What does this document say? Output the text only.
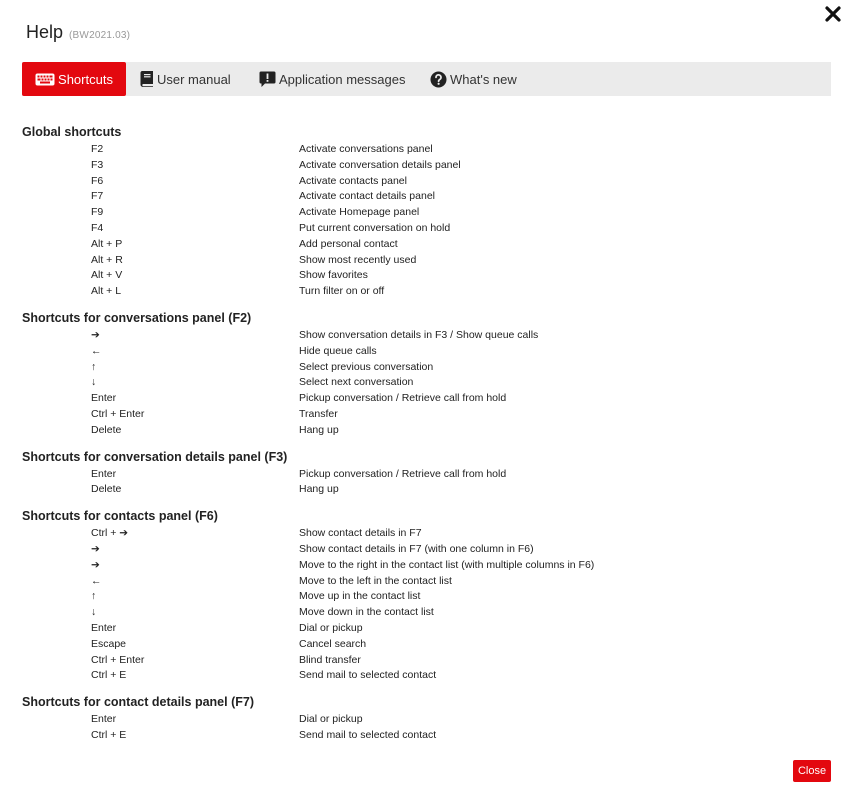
Help (BW2021.03)
Shortcuts	User manual	Application messages	What's new
Global shortcuts
F2	Activate conversations panel
F3	Activate conversation details panel
F6	Activate contacts panel
F7	Activate contact details panel
F9	Activate Homepage panel
F4	Put current conversation on hold
Alt + P	Add personal contact
Alt + R	Show most recently used
Alt + V	Show favorites
Alt + L	Turn filter on or off
Shortcuts for conversations panel (F2)
➔	Show conversation details in F3 / Show queue calls
←	Hide queue calls
↑	Select previous conversation
↓	Select next conversation
Enter	Pickup conversation / Retrieve call from hold
Ctrl + Enter	Transfer
Delete	Hang up
Shortcuts for conversation details panel (F3)
Enter	Pickup conversation / Retrieve call from hold
Delete	Hang up
Shortcuts for contacts panel (F6)
Ctrl + ➔	Show contact details in F7
➔	Show contact details in F7 (with one column in F6)
➔	Move to the right in the contact list (with multiple columns in F6)
←	Move to the left in the contact list
↑	Move up in the contact list
↓	Move down in the contact list
Enter	Dial or pickup
Escape	Cancel search
Ctrl + Enter	Blind transfer
Ctrl + E	Send mail to selected contact
Shortcuts for contact details panel (F7)
Enter	Dial or pickup
Ctrl + E	Send mail to selected contact
Close
